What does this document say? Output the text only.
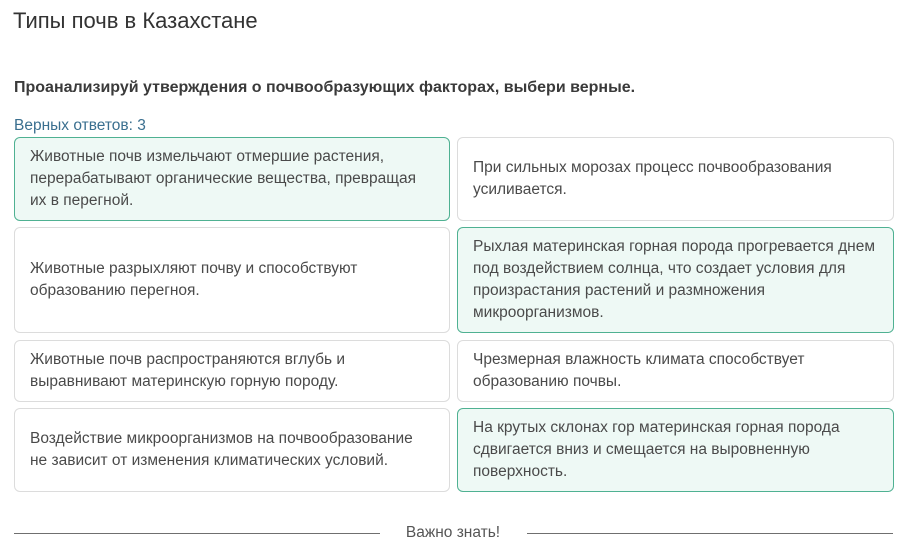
Типы почв в Казахстане
Проанализируй утверждения о почвообразующих факторах, выбери верные.
Верных ответов: 3
Животные почв измельчают отмершие растения, перерабатывают органические вещества, превращая их в перегной.
При сильных морозах процесс почвообразования усиливается.
Животные разрыхляют почву и способствуют образованию перегноя.
Рыхлая материнская горная порода прогревается днем под воздействием солнца, что создает условия для произрастания растений и размножения микроорганизмов.
Животные почв распространяются вглубь и выравнивают материнскую горную породу.
Чрезмерная влажность климата способствует образованию почвы.
Воздействие микроорганизмов на почвообразование не зависит от изменения климатических условий.
На крутых склонах гор материнская горная порода сдвигается вниз и смещается на выровненную поверхность.
Важно знать!
